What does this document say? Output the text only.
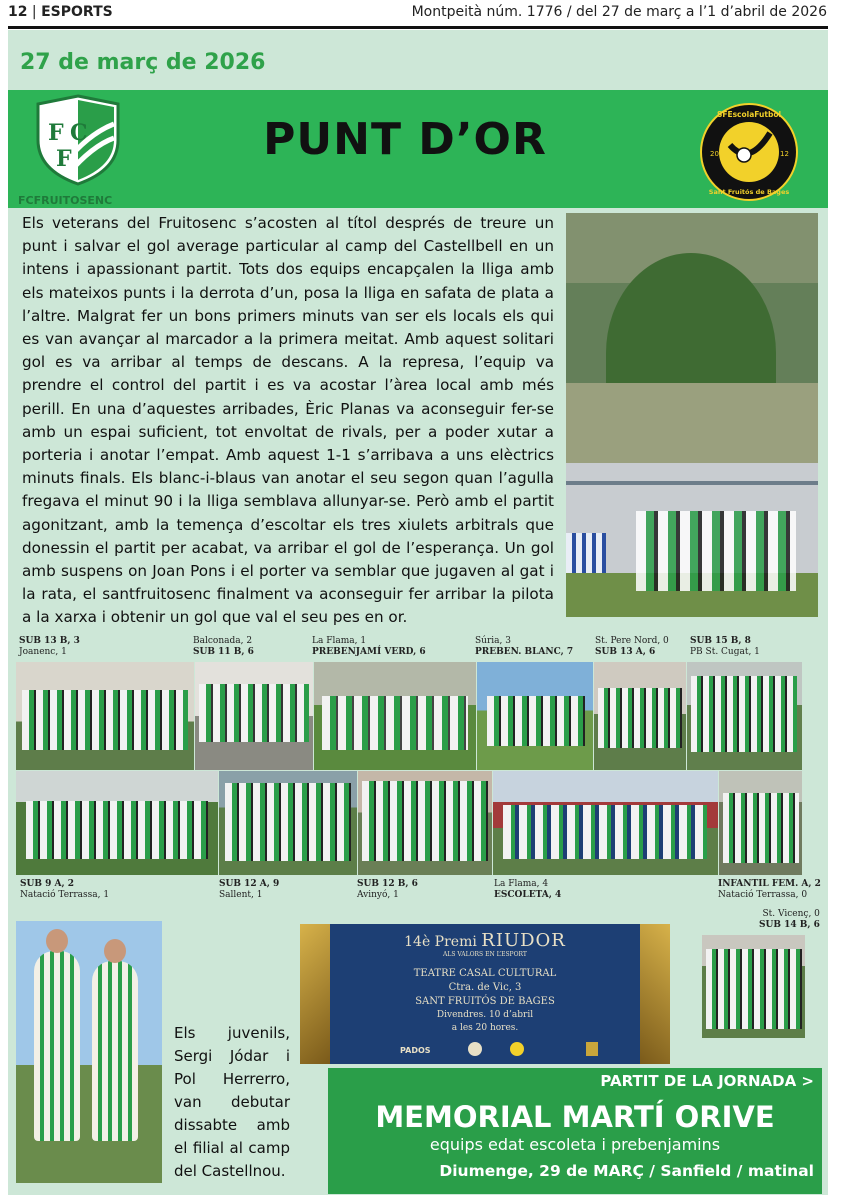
12 | ESPORTS	Montpeità núm. 1776 / del 27 de març a l’1 d’abril de 2026
27 de març de 2026
PUNT D’OR
F C
F
FCFRUITOSENC
SFEscolaFutbol
Sant Fruitós de Bages
20	12
Els veterans del Fruitosenc s’acosten al títol després de treure un punt i salvar el gol average particular al camp del Castellbell en un intens i apassionant partit. Tots dos equips encapçalen la lliga amb els mateixos punts i la derrota d’un, posa la lliga en safata de plata a l’altre. Malgrat fer un bons primers minuts van ser els locals els qui es van avançar al marcador a la primera meitat. Amb aquest solitari gol es va arribar al temps de descans. A la represa, l’equip va prendre el control del partit i es va acostar l’àrea local amb més perill. En una d’aquestes arribades, Èric Planas va aconseguir fer-se amb un espai suficient, tot envoltat de rivals, per a poder xutar a porteria i anotar l’empat. Amb aquest 1-1 s’arribava a uns elèctrics minuts finals. Els blanc-i-blaus van anotar el seu segon quan l’agulla fregava el minut 90 i la lliga semblava allunyar-se. Però amb el partit agonitzant, amb la temença d’escoltar els tres xiulets arbitrals que donessin el partit per acabat, va arribar el gol de l’esperança. Un gol amb suspens on Joan Pons i el porter va semblar que jugaven al gat i la rata, el santfruitosenc finalment va aconseguir fer arribar la pilota a la xarxa i obtenir un gol que val el seu pes en or.
SUB 13 B, 3
Joanenc, 1
Balconada, 2
SUB 11 B, 6
La Flama, 1
PREBENJAMÍ VERD, 6
Súria, 3
PREBEN. BLANC, 7
St. Pere Nord, 0
SUB 13 A, 6
SUB 15 B, 8
PB St. Cugat, 1
SUB 9 A, 2
Natació Terrassa, 1
SUB 12 A, 9
Sallent, 1
SUB 12 B, 6
Avinyó, 1
La Flama, 4
ESCOLETA, 4
INFANTIL FEM. A, 2
Natació Terrassa, 0
St. Vicenç, 0
SUB 14 B, 6
Els juvenils, Sergi Jódar i Pol Herrerro, van debutar dissabte amb el filial al camp del Castellnou.
14è Premi RIUDOR
ALS VALORS EN L’ESPORT
TEATRE CASAL CULTURAL
Ctra. de Vic, 3
SANT FRUITÓS DE BAGES
Divendres. 10 d’abril
a les 20 hores.
PADOS
PARTIT DE LA JORNADA >
MEMORIAL MARTÍ ORIVE
equips edat escoleta i prebenjamins
Diumenge, 29 de MARÇ / Sanfield / matinal
